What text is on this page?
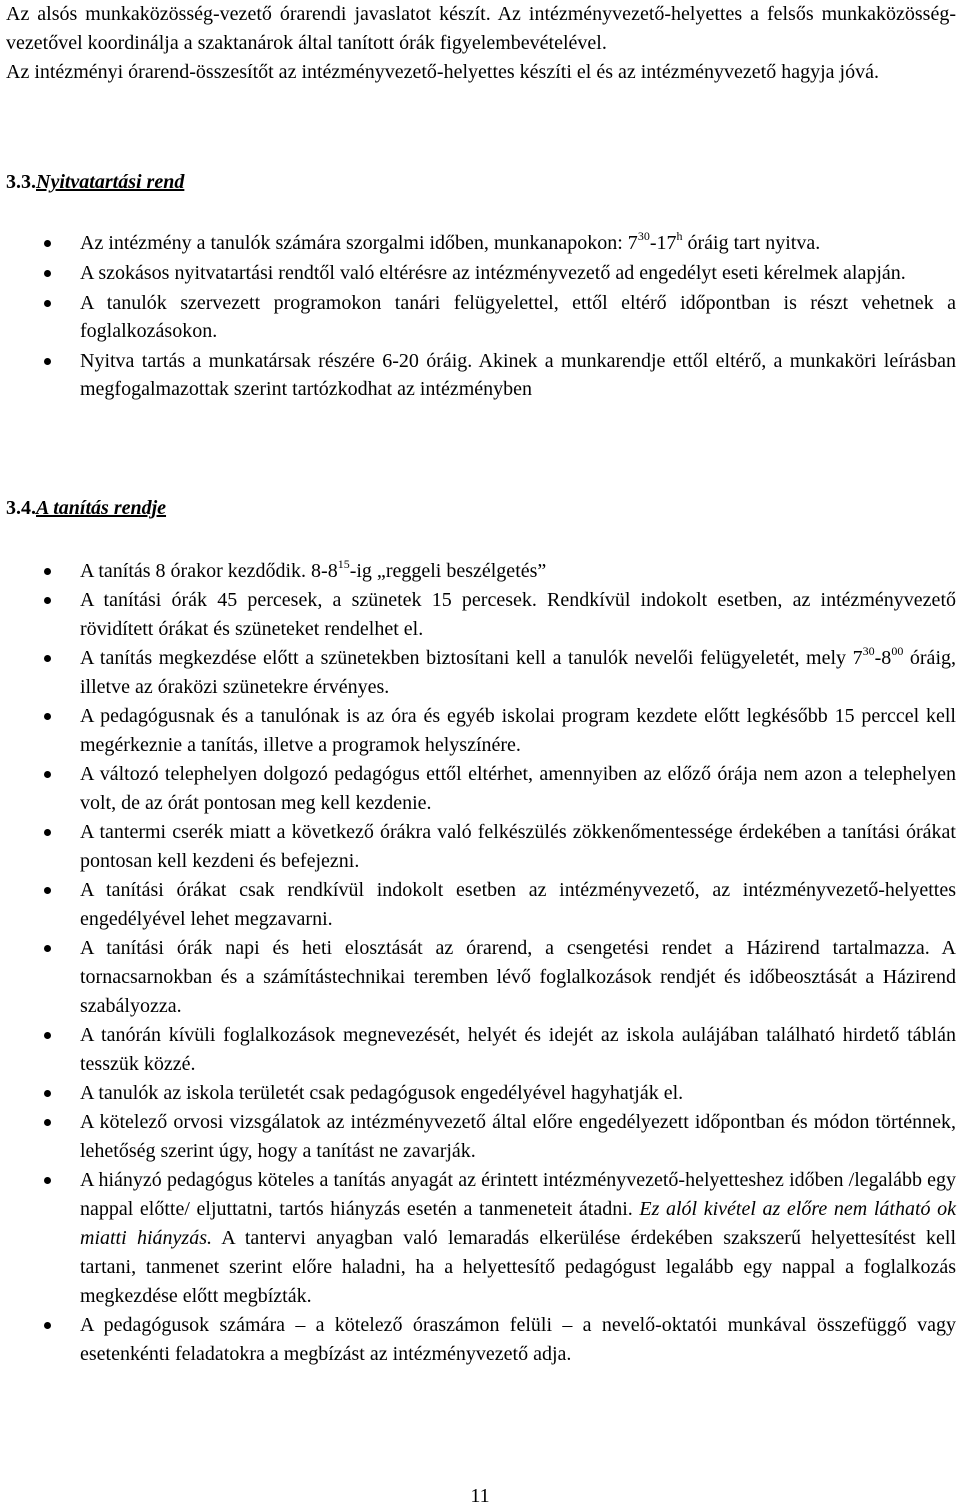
Az alsós munkaközösség-vezető órarendi javaslatot készít. Az intézményvezető-helyettes a felsős munkaközösség-vezetővel koordinálja a szaktanárok által tanított órák figyelembevételével.

Az intézményi órarend-összesítőt az intézményvezető-helyettes készíti el és az intézményvezető hagyja jóvá.

3.3.Nyitvatartási rend
Az intézmény a tanulók számára szorgalmi időben, munkanapokon: $7^{30}-17^h$ óráig tart nyitva.
A szokásos nyitvatartási rendtől való eltérésre az intézményvezető ad engedélyt eseti kérelmek alapján.
A tanulók szervezett programokon tanári felügyelettel, ettől eltérő időpontban is részt vehetnek a foglalkozásokon.
Nyitva tartás a munkatársak részére 6-20 óráig. Akinek a munkarendje ettől eltérő, a munkaköri leírásban megfogalmazottak szerint tartózkodhat az intézményben
3.4.A tanítás rendje
A tanítás 8 órakor kezdődik. $8-8^{15}-ig$ „reggeli beszélgetés”
A tanítási órák 45 percesek, a szünetek 15 percesek. Rendkívül indokolt esetben, az intézményvezető rövidített órákat és szüneteket rendelhet el.
A tanítás megkezdése előtt a szünetekben biztosítani kell a tanulók nevelői felügyeletét, mely $7^{30}-8^{00}$ óráig, illetve az óraközi szünetekre érvényes.
A pedagógusnak és a tanulónak is az óra és egyéb iskolai program kezdete előtt legkésőbb 15 perccel kell megérkeznie a tanítás, illetve a programok helyszínére.
A változó telephelyen dolgozó pedagógus ettől eltérhet, amennyiben az előző órája nem azon a telephelyen volt, de az órát pontosan meg kell kezdenie.
A tantermi cserék miatt a következő órákra való felkészülés zökkenőmentessége érdekében a tanítási órákat pontosan kell kezdeni és befejezni.
A tanítási órákat csak rendkívül indokolt esetben az intézményvezető, az intézményvezető-helyettes engedélyével lehet megzavarni.
A tanítási órák napi és heti elosztását az órarend, a csengetési rendet a Házirend tartalmazza. A tornacsarnokban és a számítástechnikai teremben lévő foglalkozások rendjét és időbeosztását a Házirend szabályozza.
A tanórán kívüli foglalkozások megnevezését, helyét és idejét az iskola aulájában található hirdető táblán tesszük közzé.
A tanulók az iskola területét csak pedagógusok engedélyével hagyhatják el.
A kötelező orvosi vizsgálatok az intézményvezető által előre engedélyezett időpontban és módon történnek, lehetőség szerint úgy, hogy a tanítást ne zavarják.
A hiányzó pedagógus köteles a tanítás anyagát az érintett intézményvezető-helyetteshez időben /legalább egy nappal előtte/ eljuttatni, tartós hiányzás esetén a tanmeneteit átadni. Ez alól kivétel az előre nem látható ok miatti hiányzás. A tantervi anyagban való lemaradás elkerülése érdekében szakszerű helyettesítést kell tartani, tanmenet szerint előre haladni, ha a helyettesítő pedagógust legalább egy nappal a foglalkozás megkezdése előtt megbízták.
A pedagógusok számára – a kötelező óraszámon felüli – a nevelő-oktatói munkával összefüggő vagy esetenkénti feladatokra a megbízást az intézményvezető adja.
11
